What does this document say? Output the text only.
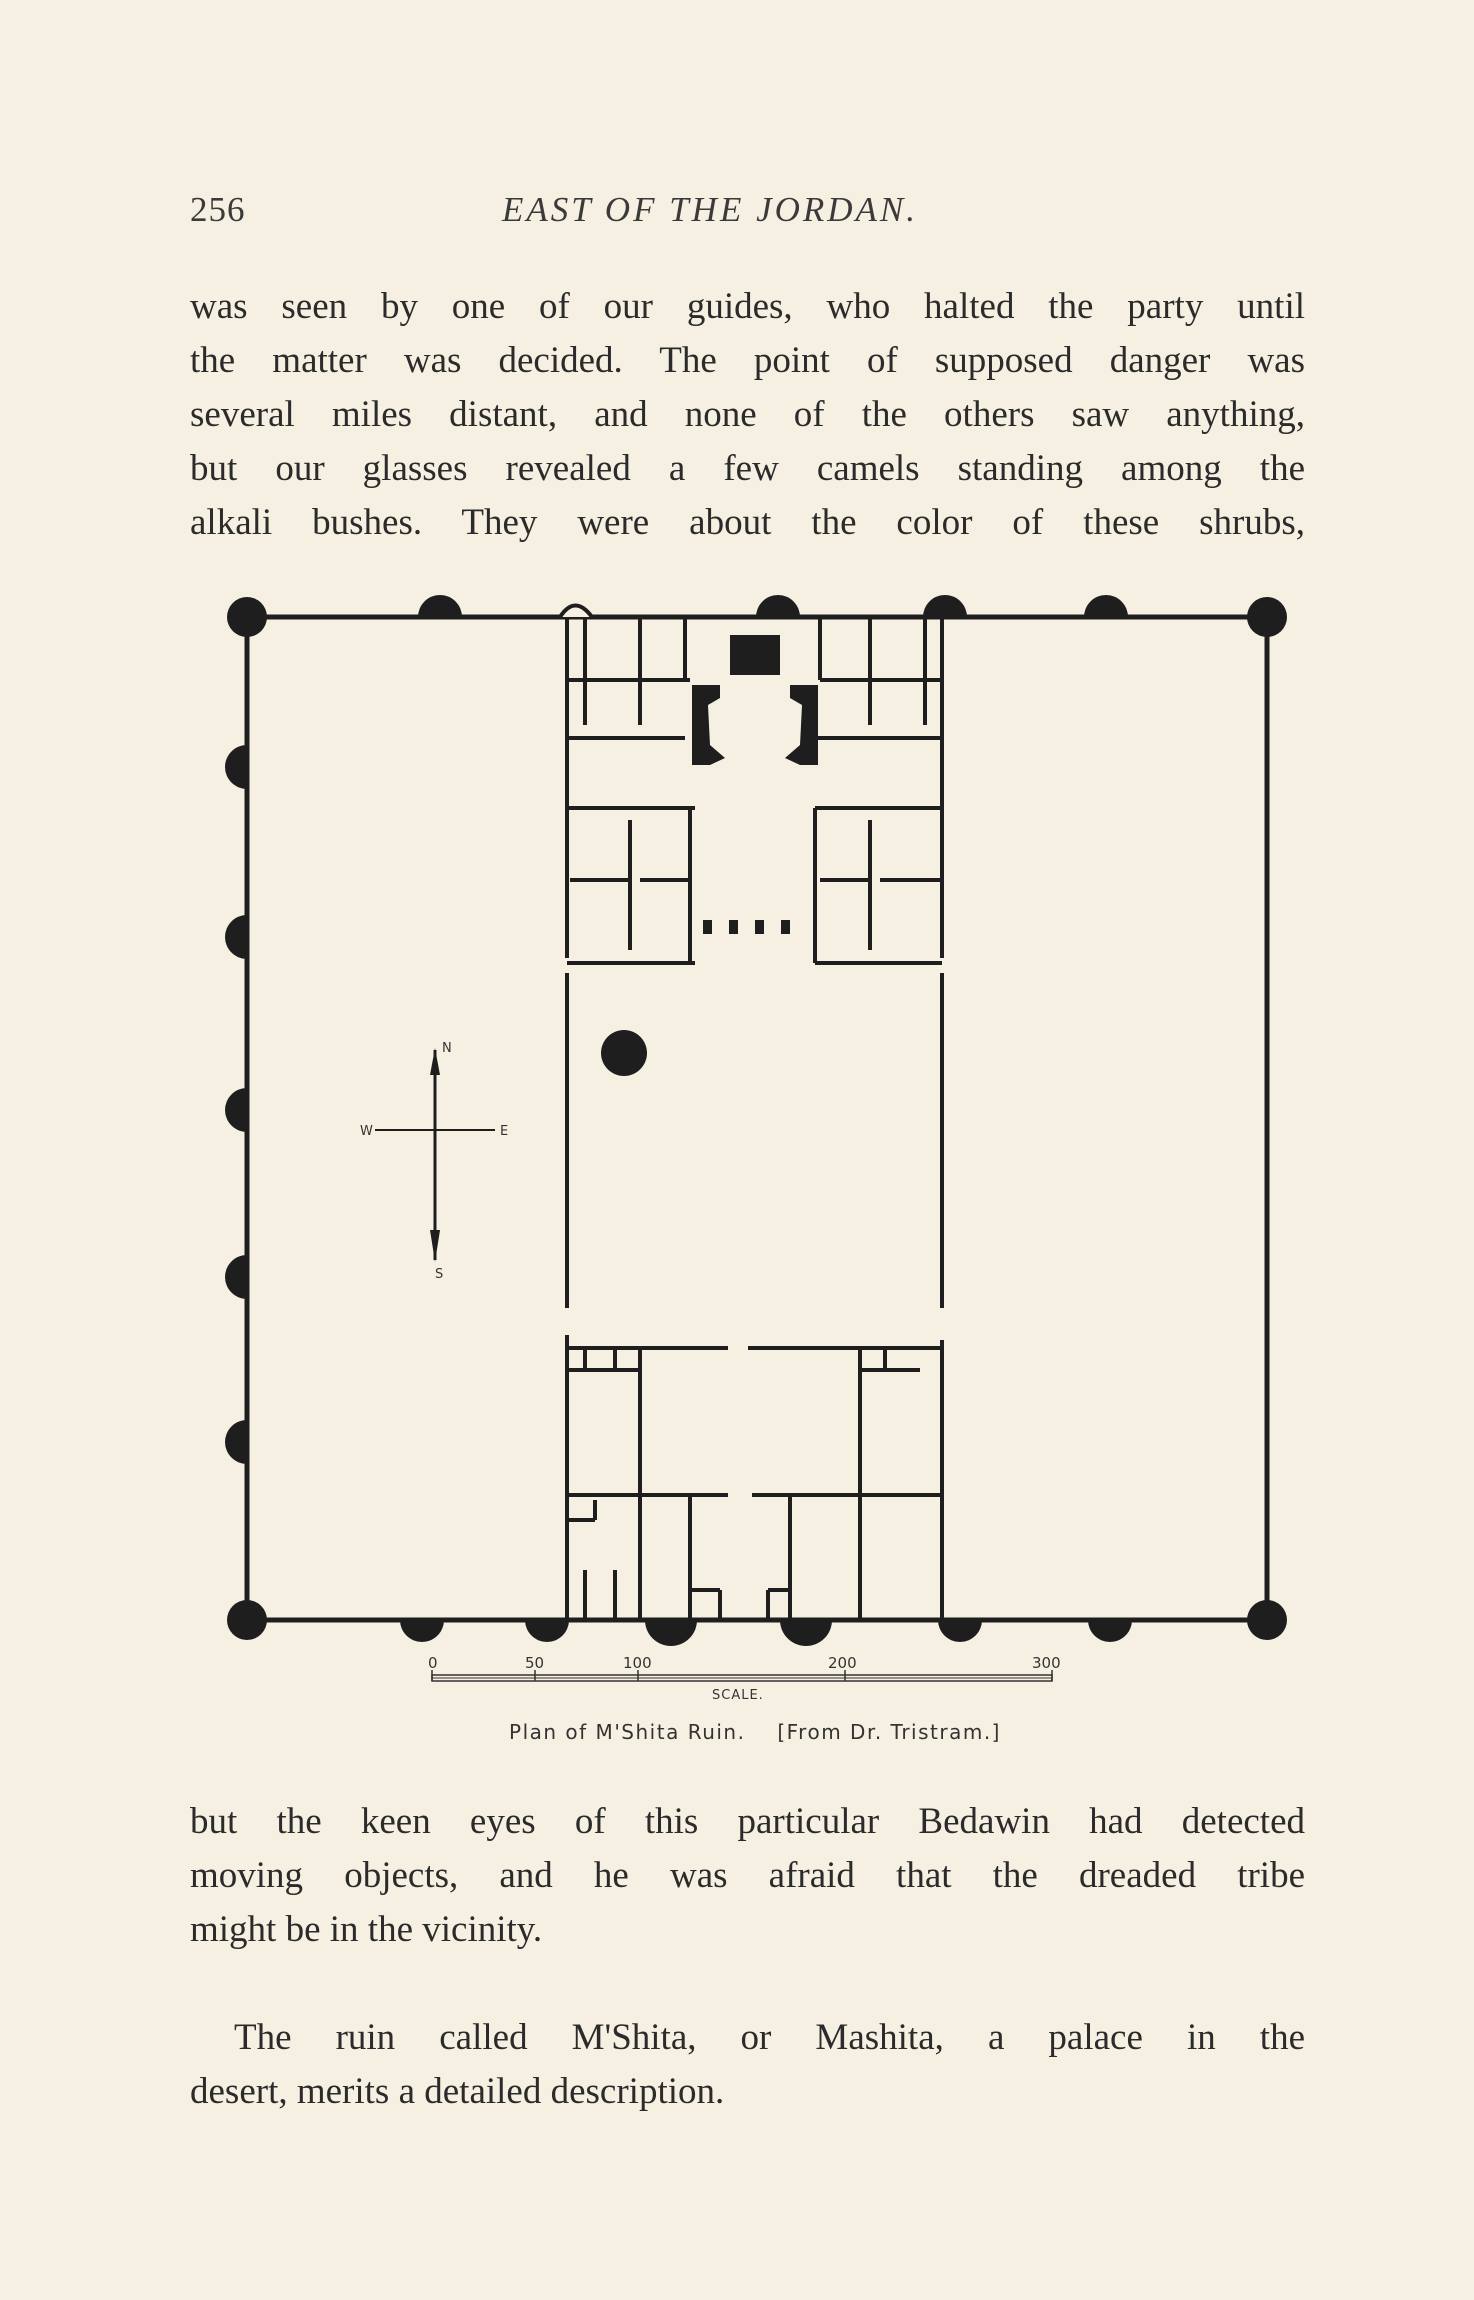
256	EAST OF THE JORDAN.
was seen by one of our guides, who halted the party until
the matter was decided. The point of supposed danger was
several miles distant, and none of the others saw anything,
but our glasses revealed a few camels standing among the
alkali bushes. They were about the color of these shrubs,
N
S
E
W
0	50	100	200	300
SCALE.
Plan of M'Shita Ruin. [From Dr. Tristram.]
but the keen eyes of this particular Bedawin had detected
moving objects, and he was afraid that the dreaded tribe
might be in the vicinity.
The ruin called M'Shita, or Mashita, a palace in the
desert, merits a detailed description.
